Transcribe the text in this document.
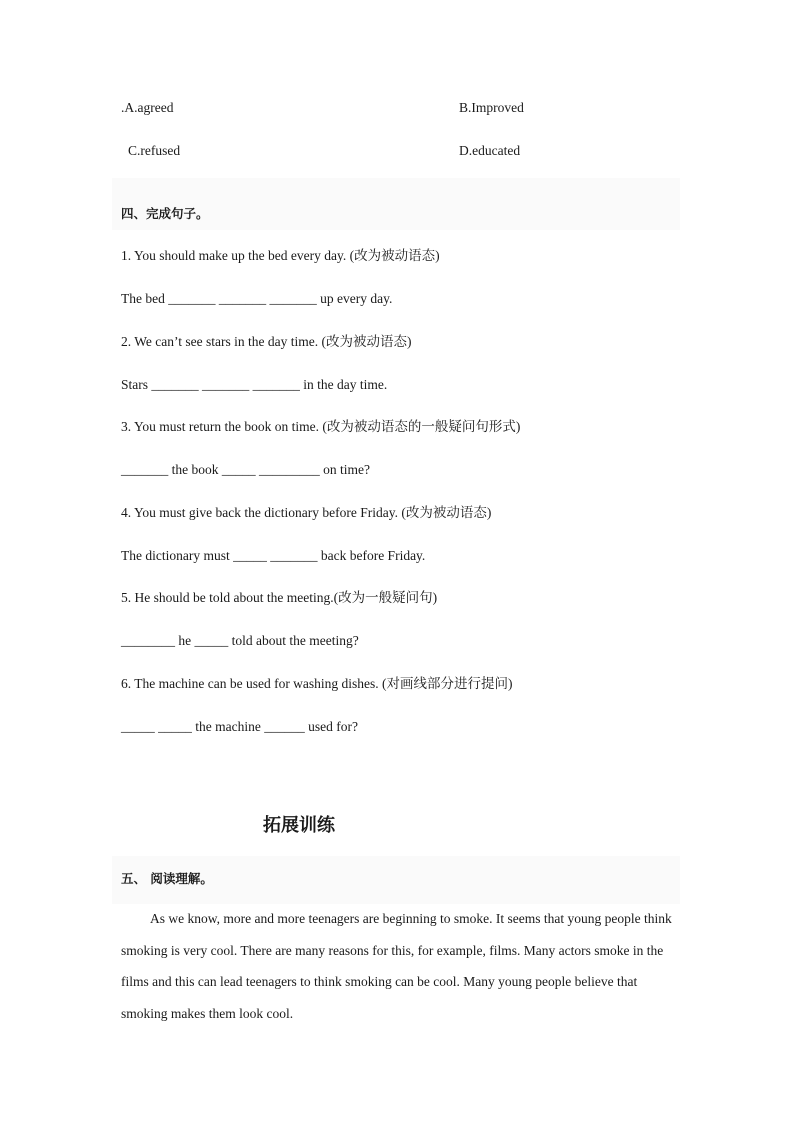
.A.agreed	B.Improved
C.refused	D.educated
四、完成句子。
1. You should make up the bed every day. (改为被动语态)
The bed _______ _______ _______ up every day.
2. We can’t see stars in the day time. (改为被动语态)
Stars _______ _______ _______ in the day time.
3. You must return the book on time. (改为被动语态的一般疑问句形式)
_______ the book _____ _________ on time?
4. You must give back the dictionary before Friday. (改为被动语态)
The dictionary must _____ _______ back before Friday.
5. He should be told about the meeting.(改为一般疑问句)
________ he _____ told about the meeting?
6. The machine can be used for washing dishes. (对画线部分进行提问)
_____ _____ the machine ______ used for?
拓展训练
五、 阅读理解。
As we know, more and more teenagers are beginning to smoke. It seems that young people think smoking is very cool. There are many reasons for this, for example, films. Many actors smoke in the films and this can lead teenagers to think smoking can be cool. Many young people believe that smoking makes them look cool.
